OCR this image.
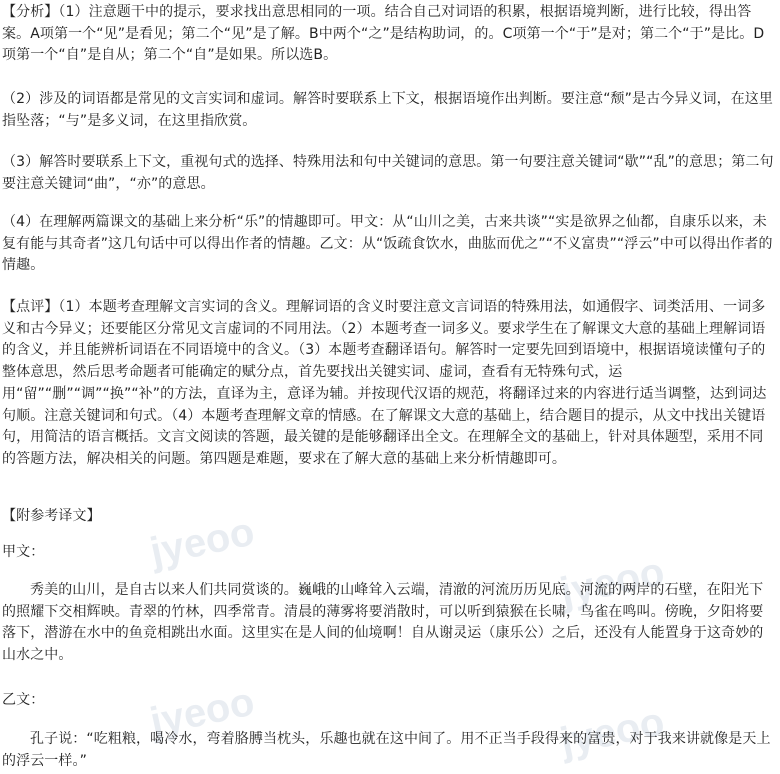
jyeoo
jyeoo
jyeoo	jyeoo

【分析】（1）注意题干中的提示，要求找出意思相同的一项。结合自己对词语的积累，根据语境判断，进行比较，得出答案。A项第一个“见”是看见；第二个“见”是了解。B中两个“之”是结构助词，的。C项第一个“于”是对；第二个“于”是比。D项第一个“自”是自从；第二个“自”是如果。所以选B。

（2）涉及的词语都是常见的文言实词和虚词。解答时要联系上下文，根据语境作出判断。要注意“颓”是古今异义词，在这里指坠落；“与”是多义词，在这里指欣赏。

（3）解答时要联系上下文，重视句式的选择、特殊用法和句中关键词的意思。第一句要注意关键词“歇”“乱”的意思；第二句要注意关键词“曲”，“亦”的意思。

（4）在理解两篇课文的基础上来分析“乐”的情趣即可。甲文：从“山川之美，古来共谈”“实是欲界之仙都，自康乐以来，未复有能与其奇者”这几句话中可以得出作者的情趣。乙文：从“饭疏食饮水，曲肱而优之”“不义富贵”“浮云”中可以得出作者的情趣。

【点评】（1）本题考查理解文言实词的含义。理解词语的含义时要注意文言词语的特殊用法，如通假字、词类活用、一词多义和古今异义；还要能区分常见文言虚词的不同用法。（2）本题考查一词多义。要求学生在了解课文大意的基础上理解词语的含义，并且能辨析词语在不同语境中的含义。（3）本题考查翻译语句。解答时一定要先回到语境中，根据语境读懂句子的整体意思，然后思考命题者可能确定的赋分点，首先要找出关键实词、虚词，查看有无特殊句式，运

用“留”“删”“调”“换”“补”的方法，直译为主，意译为辅。并按现代汉语的规范，将翻译过来的内容进行适当调整，达到词达句顺。注意关键词和句式。（4）本题考查理解文章的情感。在了解课文大意的基础上，结合题目的提示，从文中找出关键语句，用简洁的语言概括。文言文阅读的答题，最关键的是能够翻译出全文。在理解全文的基础上，针对具体题型，采用不同的答题方法，解决相关的问题。第四题是难题，要求在了解大意的基础上来分析情趣即可。

【附参考译文】

甲文：

秀美的山川，是自古以来人们共同赏谈的。巍峨的山峰耸入云端，清澈的河流历历见底。河流的两岸的石壁，在阳光下的照耀下交相辉映。青翠的竹林，四季常青。清晨的薄雾将要消散时，可以听到猿猴在长啸，鸟雀在鸣叫。傍晚，夕阳将要落下，潜游在水中的鱼竞相跳出水面。这里实在是人间的仙境啊！自从谢灵运（康乐公）之后，还没有人能置身于这奇妙的山水之中。

乙文：

孔子说：“吃粗粮，喝冷水，弯着胳膊当枕头，乐趣也就在这中间了。用不正当手段得来的富贵，对于我来讲就像是天上的浮云一样。”
